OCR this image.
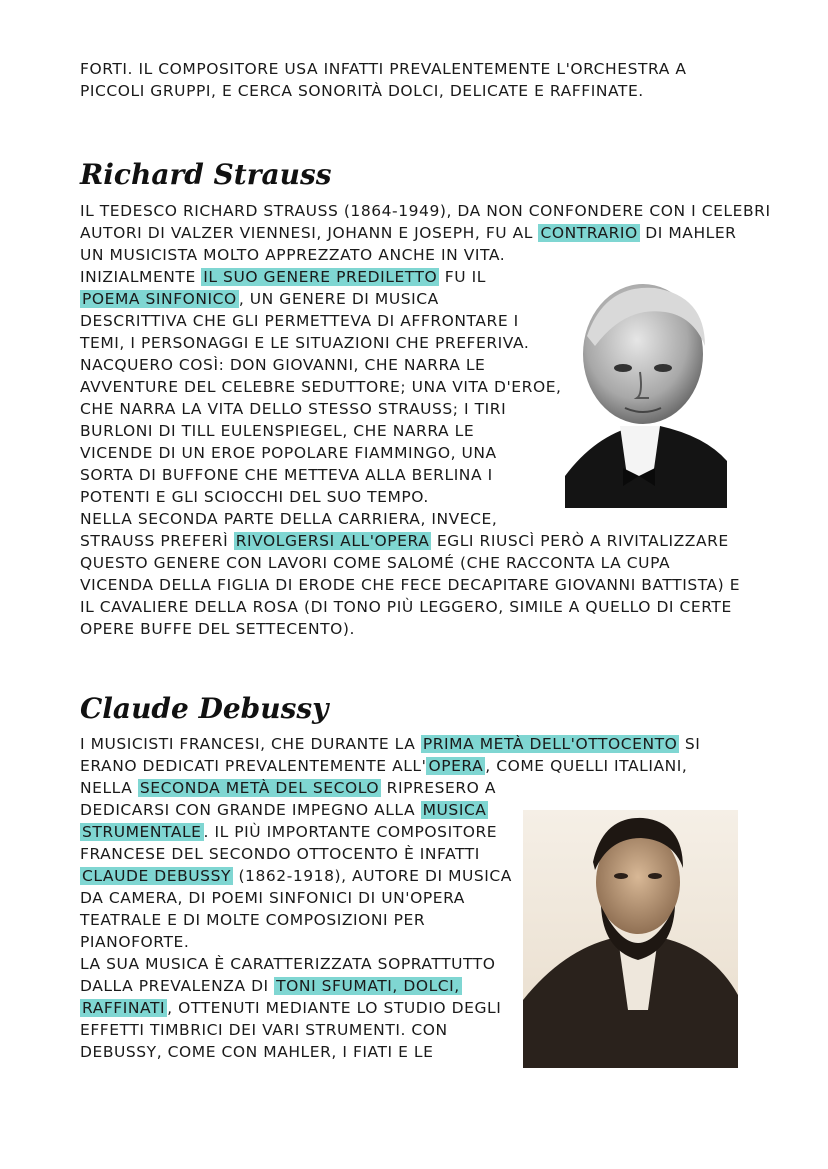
FORTI. IL COMPOSITORE USA INFATTI PREVALENTEMENTE L'ORCHESTRA A
PICCOLI GRUPPI, E CERCA SONORITÀ DOLCI, DELICATE E RAFFINATE.
Richard Strauss
IL TEDESCO RICHARD STRAUSS (1864-1949), DA NON CONFONDERE CON I CELEBRI
AUTORI DI VALZER VIENNESI, JOHANN E JOSEPH, FU AL CONTRARIO DI MAHLER
UN MUSICISTA MOLTO APPREZZATO ANCHE IN VITA.
INIZIALMENTE IL SUO GENERE PREDILETTO FU IL
POEMA SINFONICO , UN GENERE DI MUSICA
DESCRITTIVA CHE GLI PERMETTEVA DI AFFRONTARE I
TEMI, I PERSONAGGI E LE SITUAZIONI CHE PREFERIVA.
NACQUERO COSÌ: DON GIOVANNI, CHE NARRA LE
AVVENTURE DEL CELEBRE SEDUTTORE; UNA VITA D'EROE,
CHE NARRA LA VITA DELLO STESSO STRAUSS; I TIRI
BURLONI DI TILL EULENSPIEGEL, CHE NARRA LE
VICENDE DI UN EROE POPOLARE FIAMMINGO, UNA
SORTA DI BUFFONE CHE METTEVA ALLA BERLINA I
POTENTI E GLI SCIOCCHI DEL SUO TEMPO.
NELLA SECONDA PARTE DELLA CARRIERA, INVECE,
STRAUSS PREFERÌ RIVOLGERSI ALL'OPERA EGLI RIUSCÌ PERÒ A RIVITALIZZARE
QUESTO GENERE CON LAVORI COME SALOMÉ (CHE RACCONTA LA CUPA
VICENDA DELLA FIGLIA DI ERODE CHE FECE DECAPITARE GIOVANNI BATTISTA) E
IL CAVALIERE DELLA ROSA (DI TONO PIÙ LEGGERO, SIMILE A QUELLO DI CERTE
OPERE BUFFE DEL SETTECENTO).
Claude Debussy
I MUSICISTI FRANCESI, CHE DURANTE LA PRIMA METÀ DELL'OTTOCENTO SI
ERANO DEDICATI PREVALENTEMENTE ALL' OPERA , COME QUELLI ITALIANI,
NELLA SECONDA METÀ DEL SECOLO RIPRESERO A
DEDICARSI CON GRANDE IMPEGNO ALLA MUSICA
STRUMENTALE . IL PIÙ IMPORTANTE COMPOSITORE
FRANCESE DEL SECONDO OTTOCENTO È INFATTI
CLAUDE DEBUSSY (1862-1918), AUTORE DI MUSICA
DA CAMERA, DI POEMI SINFONICI DI UN'OPERA
TEATRALE E DI MOLTE COMPOSIZIONI PER
PIANOFORTE.
LA SUA MUSICA È CARATTERIZZATA SOPRATTUTTO
DALLA PREVALENZA DI TONI SFUMATI, DOLCI,
RAFFINATI , OTTENUTI MEDIANTE LO STUDIO DEGLI
EFFETTI TIMBRICI DEI VARI STRUMENTI. CON
DEBUSSY, COME CON MAHLER, I FIATI E LE
